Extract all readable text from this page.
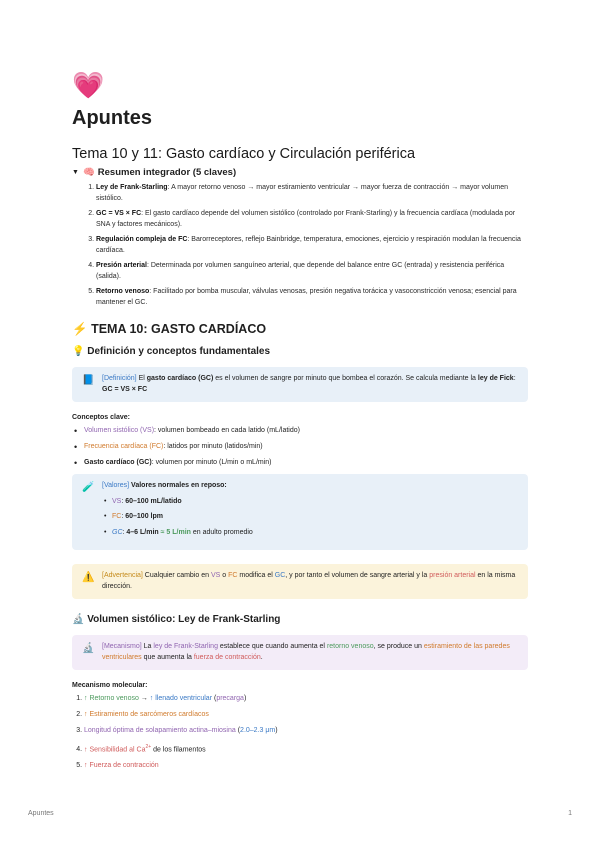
💗
Apuntes
Tema 10 y 11: Gasto cardíaco y Circulación periférica
▼ 🧠 Resumen integrador (5 claves)
1. Ley de Frank-Starling: A mayor retorno venoso → mayor estiramiento ventricular → mayor fuerza de contracción → mayor volumen sistólico.
2. GC = VS × FC: El gasto cardíaco depende del volumen sistólico (controlado por Frank-Starling) y la frecuencia cardíaca (modulada por SNA y factores mecánicos).
3. Regulación compleja de FC: Barorreceptores, reflejo Bainbridge, temperatura, emociones, ejercicio y respiración modulan la frecuencia cardíaca.
4. Presión arterial: Determinada por volumen sanguíneo arterial, que depende del balance entre GC (entrada) y resistencia periférica (salida).
5. Retorno venoso: Facilitado por bomba muscular, válvulas venosas, presión negativa torácica y vasoconstricción venosa; esencial para mantener el GC.
⚡ TEMA 10: GASTO CARDÍACO
💡 Definición y conceptos fundamentales
📘 [Definición] El gasto cardíaco (GC) es el volumen de sangre por minuto que bombea el corazón. Se calcula mediante la ley de Fick: GC = VS × FC
Conceptos clave:
• Volumen sistólico (VS): volumen bombeado en cada latido (mL/latido)
• Frecuencia cardíaca (FC): latidos por minuto (latidos/min)
• Gasto cardíaco (GC): volumen por minuto (L/min o mL/min)
🧪 [Valores] Valores normales en reposo:
• VS: 60–100 mL/latido
• FC: 60–100 lpm
• GC: 4–6 L/min ≈ 5 L/min en adulto promedio
⚠️ [Advertencia] Cualquier cambio en VS o FC modifica el GC, y por tanto el volumen de sangre arterial y la presión arterial en la misma dirección.
🔬 Volumen sistólico: Ley de Frank-Starling
🔬 [Mecanismo] La ley de Frank-Starling establece que cuando aumenta el retorno venoso, se produce un estiramiento de las paredes ventriculares que aumenta la fuerza de contracción.
Mecanismo molecular:
1. ↑ Retorno venoso → ↑ llenado ventricular (precarga)
2. ↑ Estiramiento de sarcómeros cardíacos
3. Longitud óptima de solapamiento actina–miosina (2.0–2.3 μm)
4. ↑ Sensibilidad al $Ca^{2+}$ de los filamentos
5. ↑ Fuerza de contracción
Apuntes	1
